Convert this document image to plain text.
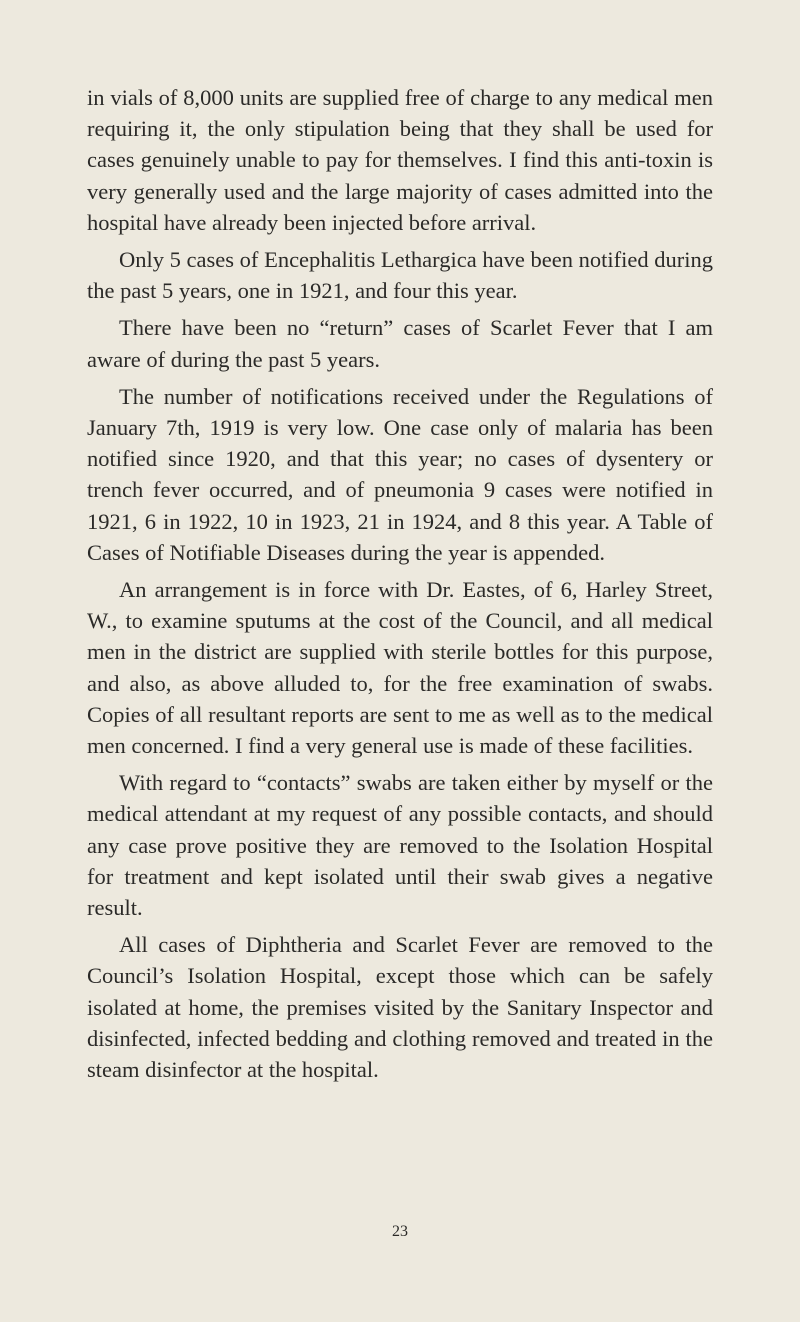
in vials of 8,000 units are supplied free of charge to any medical men requiring it, the only stipulation being that they shall be used for cases genuinely unable to pay for themselves. I find this anti-toxin is very generally used and the large majority of cases admitted into the hospital have already been injected before arrival.

Only 5 cases of Encephalitis Lethargica have been notified during the past 5 years, one in 1921, and four this year.

There have been no “return” cases of Scarlet Fever that I am aware of during the past 5 years.

The number of notifications received under the Regulations of January 7th, 1919 is very low. One case only of malaria has been notified since 1920, and that this year; no cases of dysentery or trench fever occurred, and of pneumonia 9 cases were notified in 1921, 6 in 1922, 10 in 1923, 21 in 1924, and 8 this year. A Table of Cases of Notifiable Diseases during the year is appended.

An arrangement is in force with Dr. Eastes, of 6, Harley Street, W., to examine sputums at the cost of the Council, and all medical men in the district are supplied with sterile bottles for this purpose, and also, as above alluded to, for the free examination of swabs. Copies of all resultant reports are sent to me as well as to the medical men concerned. I find a very general use is made of these facilities.

With regard to “contacts” swabs are taken either by myself or the medical attendant at my request of any possible contacts, and should any case prove positive they are removed to the Isolation Hospital for treatment and kept isolated until their swab gives a negative result.

All cases of Diphtheria and Scarlet Fever are removed to the Council’s Isolation Hospital, except those which can be safely isolated at home, the premises visited by the Sanitary Inspector and disinfected, infected bedding and clothing removed and treated in the steam disinfector at the hospital.

23
